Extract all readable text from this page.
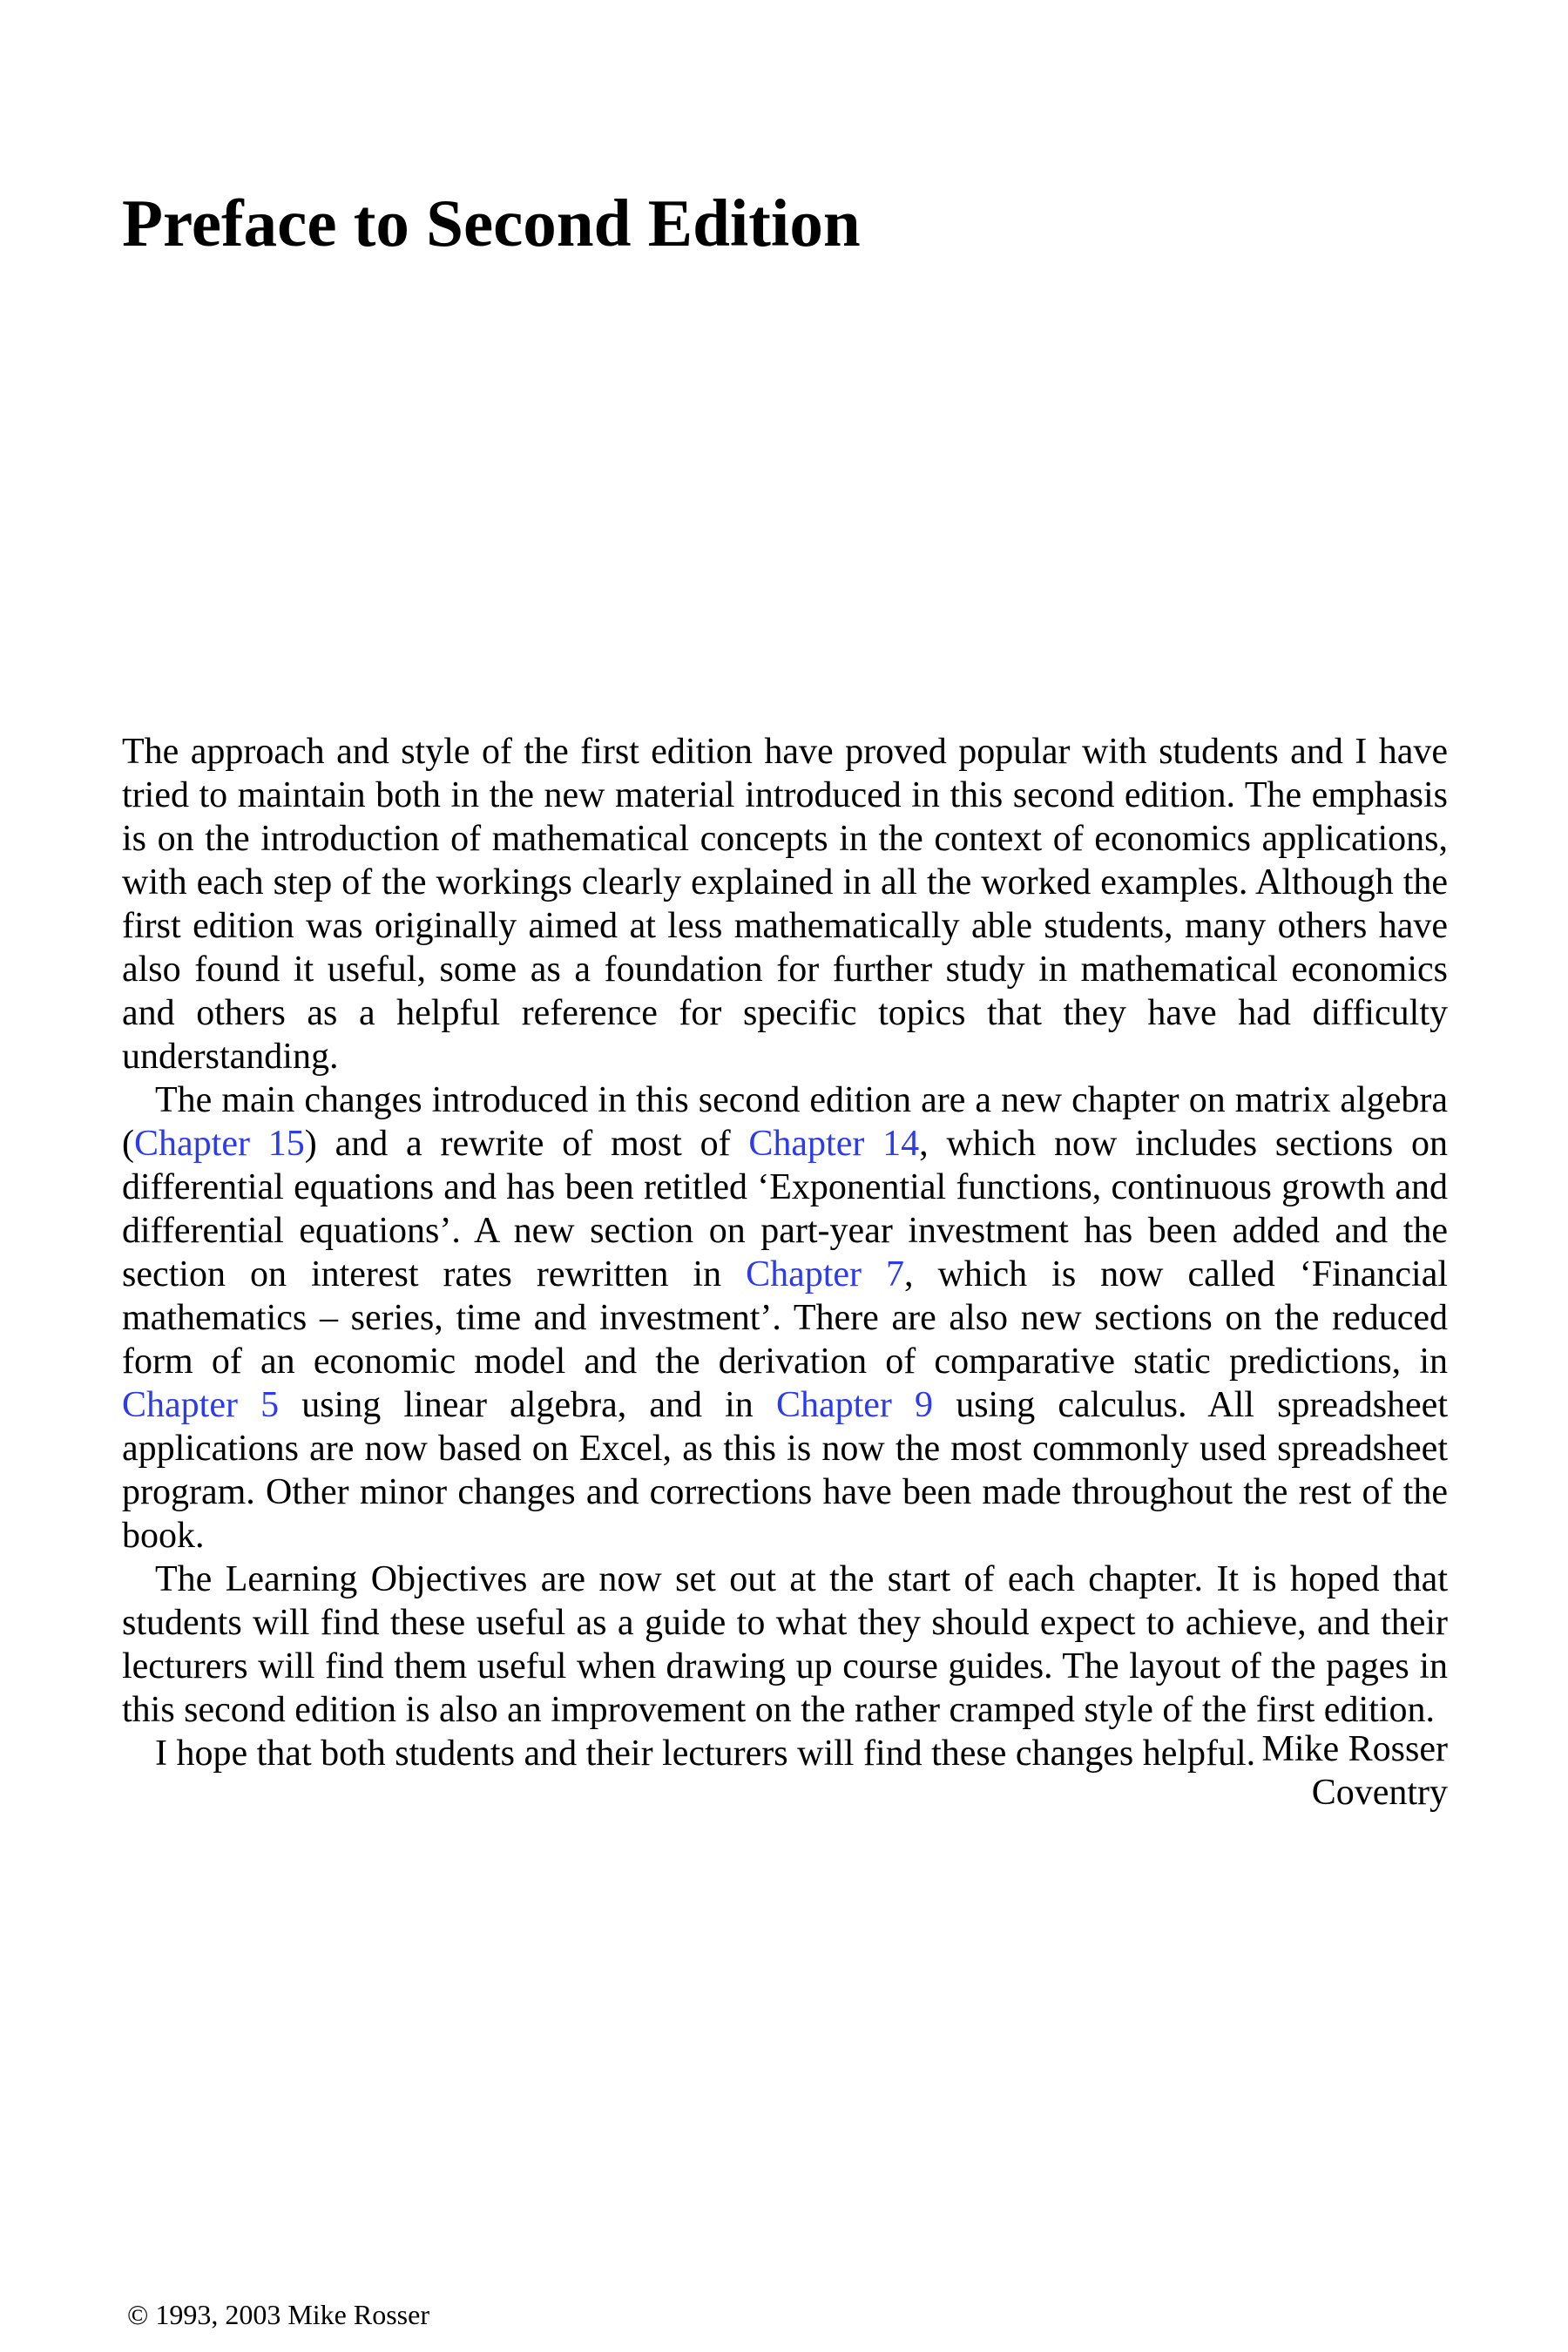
Preface to Second Edition

The approach and style of the first edition have proved popular with students and I have tried to maintain both in the new material introduced in this second edition. The emphasis is on the introduction of mathematical concepts in the context of economics applications, with each step of the workings clearly explained in all the worked examples. Although the first edition was originally aimed at less mathematically able students, many others have also found it useful, some as a foundation for further study in mathematical economics and others as a helpful reference for specific topics that they have had difficulty understanding.

The main changes introduced in this second edition are a new chapter on matrix algebra (Chapter 15) and a rewrite of most of Chapter 14, which now includes sections on differential equations and has been retitled ‘Exponential functions, continuous growth and differential equations’. A new section on part-year investment has been added and the section on interest rates rewritten in Chapter 7, which is now called ‘Financial mathematics – series, time and investment’. There are also new sections on the reduced form of an economic model and the derivation of comparative static predictions, in Chapter 5 using linear algebra, and in Chapter 9 using calculus. All spreadsheet applications are now based on Excel, as this is now the most commonly used spreadsheet program. Other minor changes and corrections have been made throughout the rest of the book.

The Learning Objectives are now set out at the start of each chapter. It is hoped that students will find these useful as a guide to what they should expect to achieve, and their lecturers will find them useful when drawing up course guides. The layout of the pages in this second edition is also an improvement on the rather cramped style of the first edition.

I hope that both students and their lecturers will find these changes helpful. Mike Rosser
Coventry
© 1993, 2003 Mike Rosser
